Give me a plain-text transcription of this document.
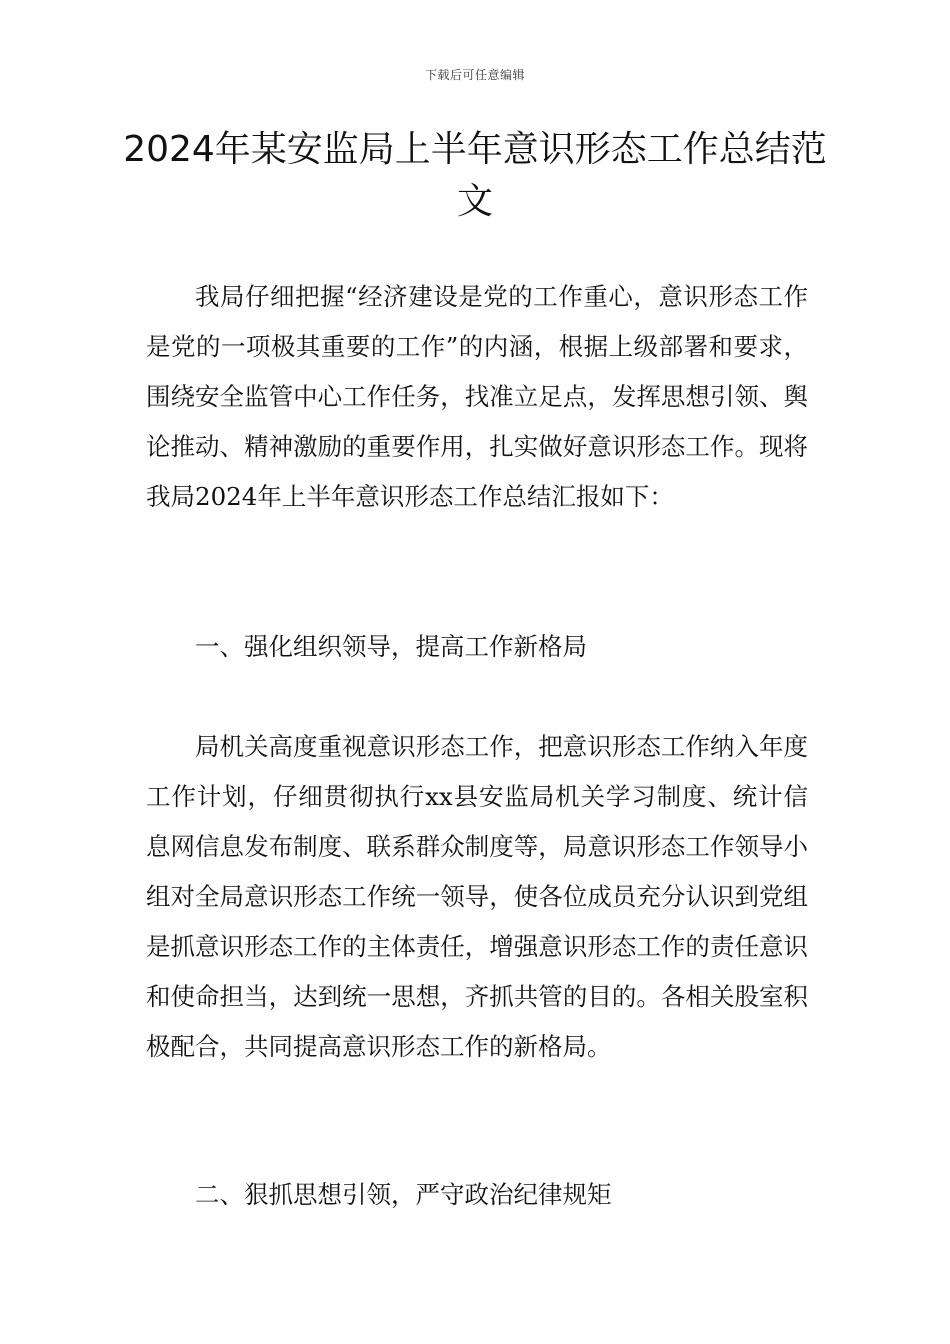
下载后可任意编辑
2024年某安监局上半年意识形态工作总结范文

我局仔细把握“经济建设是党的工作重心，意识形态工作是党的一项极其重要的工作”的内涵，根据上级部署和要求，围绕安全监管中心工作任务，找准立足点，发挥思想引领、舆论推动、精神激励的重要作用，扎实做好意识形态工作。现将我局2024年上半年意识形态工作总结汇报如下：

一、强化组织领导，提高工作新格局

局机关高度重视意识形态工作，把意识形态工作纳入年度工作计划，仔细贯彻执行xx县安监局机关学习制度、统计信息网信息发布制度、联系群众制度等，局意识形态工作领导小组对全局意识形态工作统一领导，使各位成员充分认识到党组是抓意识形态工作的主体责任，增强意识形态工作的责任意识和使命担当，达到统一思想，齐抓共管的目的。各相关股室积极配合，共同提高意识形态工作的新格局。

二、狠抓思想引领，严守政治纪律规矩
